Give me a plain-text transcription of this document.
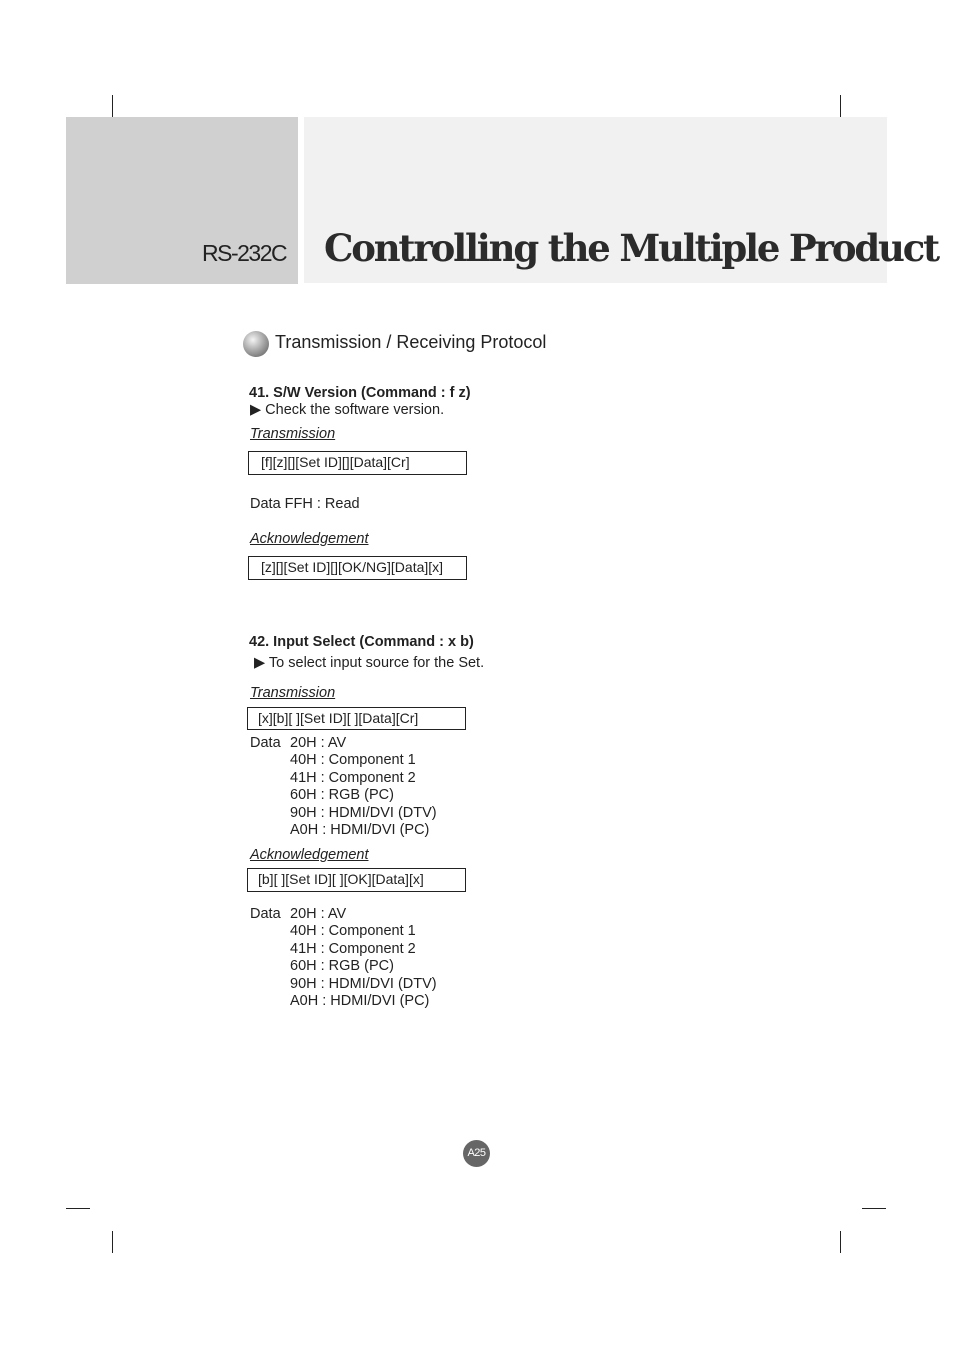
RS-232C Controlling the Multiple Product
Transmission / Receiving Protocol
41. S/W Version (Command : f z)
▶ Check the software version.
Transmission
[f][z][][Set ID][][Data][Cr]
Data FFH : Read
Acknowledgement
[z][][Set ID][][OK/NG][Data][x]
42. Input Select (Command : x b)
▶ To select input source for the Set.
Transmission
[x][b][ ][Set ID][ ][Data][Cr]
Data 20H : AV
40H : Component 1
41H : Component 2
60H : RGB (PC)
90H : HDMI/DVI (DTV)
A0H : HDMI/DVI (PC)
Acknowledgement
[b][ ][Set ID][ ][OK][Data][x]
Data 20H : AV
40H : Component 1
41H : Component 2
60H : RGB (PC)
90H : HDMI/DVI (DTV)
A0H : HDMI/DVI (PC)
A25
